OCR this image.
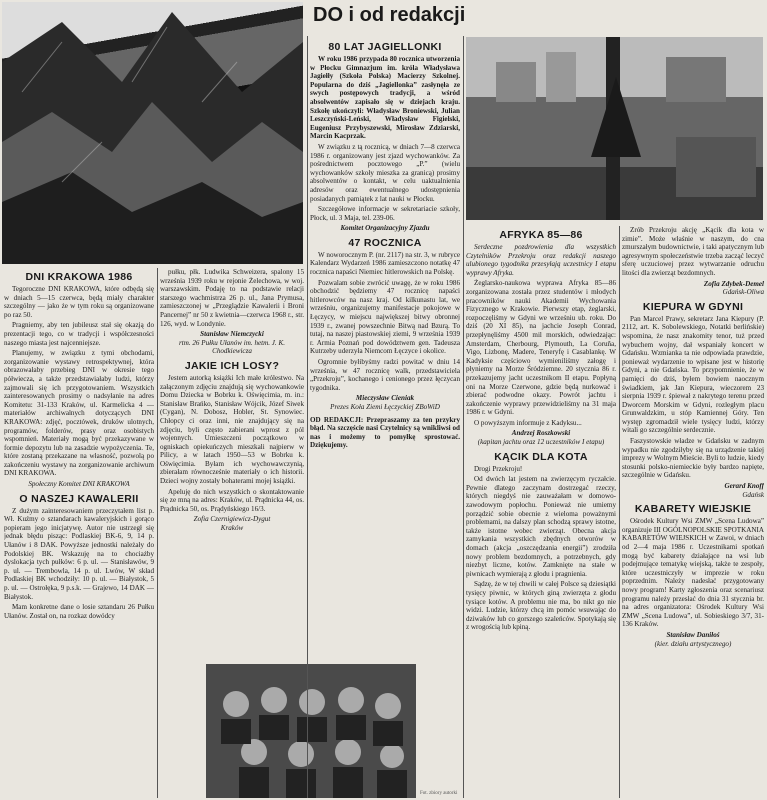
DO i od redakcji
DNI KRAKOWA 1986

Tegoroczne DNI KRAKOWA, które odbędą się w dniach 5—15 czerwca, będą miały charakter szczególny — jako że w tym roku są organizowane po raz 50.

Pragniemy, aby ten jubileusz stał się okazją do prezentacji tego, co w tradycji i współczesności naszego miasta jest najcenniejsze.

Planujemy, w związku z tymi obchodami, zorganizowanie wystawy retrospektywnej, która obrazowałaby przebieg DNI w okresie tego półwiecza, a także przedstawiałaby ludzi, którzy zajmowali się ich przygotowaniem. Wszystkich zainteresowanych prosimy o nadsyłanie na adres Komitetu: 31-133 Kraków, ul. Karmelicka 4 — materiałów archiwalnych dotyczących DNI KRAKOWA: zdjęć, pocztówek, druków ulotnych, programów, folderów, prasy oraz osobistych wspomnień. Materiały mogą być przekazywane w formie depozytu lub na zasadzie wypożyczenia. Te, które zostaną przekazane na własność, pozwolą po zakończeniu wystawy na zorganizowanie archiwum DNI KRAKOWA.

Społeczny Komitet DNI KRAKOWA
O NASZEJ KAWALERII

Z dużym zainteresowaniem przeczytałem list p. Wł. Kuźmy o sztandarach kawaleryjskich i gorąco popieram jego inicjatywę. Autor nie ustrzegł się jednak błędu pisząc: Podlaskiej BK-6, 9, 14 p. Ułanów i 8 DAK. Powyższe jednostki należały do Podolskiej BK. Wskazuję na to chociażby dyslokacja tych pułków: 6 p. ul. — Stanisławów, 9 p. ul. — Trembowla, 14 p. ul. Lwów, W skład Podlaskiej BK wchodziły: 10 p. ul. — Białystok, 5 p. ul. — Ostrołęka, 9 p.s.k. — Grajewo, 14 DAK — Białystok.

Mam konkretne dane o losie sztandaru 26 Pułku Ułanów. Został on, na rozkaz dowódcy

pułku, płk. Ludwika Schweizera, spalony 15 września 1939 roku w rejonie Żelechowa, w woj. warszawskim. Podaję to na podstawie relacji starszego wachmistrza 26 p. ul., Jana Prymusa, zamieszczonej w „Przeglądzie Kawalerii i Broni Pancernej” nr 50 z kwietnia—czerwca 1968 r., str. 126, wyd. w Londynie.

Stanisław Niemczycki
rtm. 26 Pułku Ułanów im. hetm. J. K. Chodkiewicza
JAKIE ICH LOSY?

Jestem autorką książki Ich małe królestwo. Na załączonym zdjęciu znajdują się wychowankowie Domu Dziecka w Bobrku k. Oświęcimia, m. in.: Stanisław Brańko, Stanisław Wójcik, Józef Siwek (Cygan), N. Dobosz, Hobler, St. Synowiec. Chłopcy ci oraz inni, nie znajdujący się na zdjęciu, byli często zabierani wprost z pól wojennych. Umieszczeni początkowo w ogniskach opiekuńczych mieszkali najpierw w Pilicy, a w latach 1950—53 w Bobrku k. Oświęcimia. Byłam ich wychowawczynią, zbierałam równocześnie materiały o ich historii. Dzieci wojny zostały bohaterami mojej książki.

Apeluję do nich wszystkich o skontaktowanie się ze mną na adres: Kraków, ul. Prądnicka 44, os. Prądnicka 50, os. Prądyńskiego 16/3.

Zofia Czernigiewicz-Dygut
Kraków
80 LAT JAGIELLONKI

W roku 1986 przypada 80 rocznica utworzenia w Płocku Gimnazjum im. króla Władysława Jagiełły (Szkoła Polska) Macierzy Szkolnej. Popularna do dziś „Jagiellonka” zasłynęła ze swych postępowych tradycji, a wśród absolwentów zapisało się w dziejach kraju. Szkołę ukończyli: Władysław Broniewski, Julian Leszczyński-Leński, Władysław Figielski, Eugeniusz Przybyszewski, Mirosław Zdziarski, Marcin Kacprzak.

W związku z tą rocznicą, w dniach 7—8 czerwca 1986 r. organizowany jest zjazd wychowanków. Za pośrednictwem pocztowego „P.” (wielu wychowanków szkoły mieszka za granicą) prosimy absolwentów o kontakt, w celu uaktualnienia adresów oraz ewentualnego udostępnienia posiadanych pamiątek z lat nauki w Płocku.

Szczegółowe informacje w sekretariacie szkoły, Płock, ul. 3 Maja, tel. 239-06.

Komitet Organizacyjny Zjazdu
47 ROCZNICA

W noworocznym P. (nr. 2117) na str. 3, w rubryce Kalendarz Wydarzeń 1986 zamieszczono notatkę 47 rocznica napaści Niemiec hitlerowskich na Polskę.

Pozwalam sobie zwrócić uwagę, że w roku 1986 obchodzić będziemy 47 rocznicę napaści hitlerowców na nasz kraj. Od kilkunastu lat, we wrześniu, organizujemy manifestacje pokojowe w Łęczycy, w miejscu największej bitwy obronnej 1939 r., zwanej powszechnie Bitwą nad Bzurą. To tutaj, na naszej piastowskiej ziemi, 9 września 1939 r. Armia Poznań pod dowództwem gen. Tadeusza Kutrzeby uderzyła Niemcom Łęczyce i okolice.

Ogromnie byłibyśmy radzi powitać w dniu 14 września, w 47 rocznicę walk, przedstawiciela „Przekroju”, kochanego i cenionego przez łęczycan tygodnika.

Mieczysław Cieniak
Prezes Koła Ziemi Łęczyckiej ZBoWiD

OD REDAKCJI: Przepraszamy za ten przykry błąd. Na szczęście nasi Czytelnicy są wnikliwsi od nas i możemy to pomyłkę sprostować. Dziękujemy.

AFRYKA 85—86

Serdeczne pozdrowienia dla wszystkich Czytelników Przekroju oraz redakcji naszego ulubionego tygodnika przesyłają uczestnicy I etapu wyprawy Afryka.

Żeglarsko-naukowa wyprawa Afryka 85—86 zorganizowana została przez studentów i młodych pracowników nauki Akademii Wychowania Fizycznego w Krakowie. Pierwszy etap, żeglarski, rozpoczęliśmy w Gdyni we wrześniu ub. roku. Do dziś (20 XI 85), na jachcie Joseph Conrad, przepłynęliśmy 4500 mil morskich, odwiedzając: Amsterdam, Cherbourg, Plymouth, La Coruña, Vigo, Lizbonę, Madere, Teneryfę i Casablankę. W Kadyksie częściowo wymieniliśmy załogę i płyniemy na Morze Śródziemne. 20 stycznia 86 r. przekazujemy jacht uczestnikom II etapu. Popłyną oni na Morze Czerwone, gdzie będą nurkować i zbierać podwodne okazy. Powrót jachtu i zakończenie wyprawy przewidzieliśmy na 31 maja 1986 r. w Gdyni.

O powyższym informuje z Kadyksu...

Andrzej Roszkowski
(kapitan jachtu oraz 12 uczestników I etapu)
KĄCIK DLA KOTA

Drogi Przekroju!

Od dwóch lat jestem na zwierzęcym ryczałcie. Pewnie dlatego zaczynam dostrzegać rzeczy, których niegdyś nie zauważałam w domowo-zawodowym popłochu. Ponieważ nie umiemy porządzić sobie obecnie z wieloma poważnymi problemami, na dalszy plan schodzą sprawy istotne, także istotne wobec zwierząt. Obecna akcja zamykania wszystkich zbędnych otworów w domach (akcja „oszczędzania energii”) zrodziła nowy problem bezdomnych, a potrzebnych, gdy niezbyt liczne, kotów. Zamknięte na stałe w piwnicach wymierają z głodu i pragnienia.

Sądzę, że w tej chwili w całej Polsce są dziesiątki tysięcy piwnic, w których giną zwierzęta z głodu tysiące kotów. A problemu nie ma, bo nikt go nie widzi. Ludzie, którzy chcą im pomóc wsuwając do dziwaków lub co gorszego szaleńców. Spotykają się z wrogością lub kpiną.

Zrób Przekroju akcję „Kącik dla kota w zimie”. Może właśnie w naszym, do cna zmurszałym budownictwie, i taki apatycznym lub agresywnym społeczeństwie trzeba zacząć leczyć sferę uczuciowej przez wytwarzanie odruchu litości dla zwierząt bezdomnych.

Zofia Zdybek-Demel
Gdańsk-Oliwa
KIEPURA W GDYNI

Pan Marcel Prawy, sekretarz Jana Kiepury (P. 2112, art. K. Sobolewskiego, Notatki berlińskie) wspomina, że nasz znakomity tenor, tuż przed wybuchem wojny, dał wspaniały koncert w Gdańsku. Wzmianka ta nie odpowiada prawdzie, ponieważ wydarzenie to wpisane jest w historię Gdyni, a nie Gdańska. To przypomnienie, że w pamięci do dziś, byłem bowiem naocznym świadkiem, jak Jan Kiepura, wieczorem 23 sierpnia 1939 r. śpiewał z nakrytego terenu przed Dworcem Morskim w Gdyni, rozległym placu Grunwaldzkim, u stóp Kamiennej Góry. Ten występ zgromadził wiele tysięcy ludzi, którzy witali go szczególnie serdecznie.

Faszystowskie władze w Gdańsku w zadnym wypadku nie zgodziłyby się na urządzenie takiej imprezy w Wolnym Mieście. Byli to ludzie, kiedy stosunki polsko-niemieckie były bardzo napięte, szczególnie w Gdańsku.

Gerard Knoff
Gdańsk
KABARETY WIEJSKIE

Ośrodek Kultury Wsi ZMW „Scena Ludowa” organizuje III OGÓLNOPOLSKIE SPOTKANIA KABARETÓW WIEJSKICH w Zawoi, w dniach od 2—4 maja 1986 r. Uczestnikami spotkań mogą być kabarety działające na wsi lub podejmujące tematykę wiejską, także te zespoły, które uczestniczyły w imprezie w roku poprzednim. Należy nadesłać przygotowany nowy program! Karty zgłoszenia oraz scenariusz programu należy przesłać do dnia 31 stycznia br. na adres organizatora: Ośrodek Kultury Wsi ZMW „Scena Ludowa”, ul. Sobieskiego 3/7, 31-136 Kraków.

Stanisław Daniłoś
(kier. działu artystycznego)
Fot. zbiory autorki
